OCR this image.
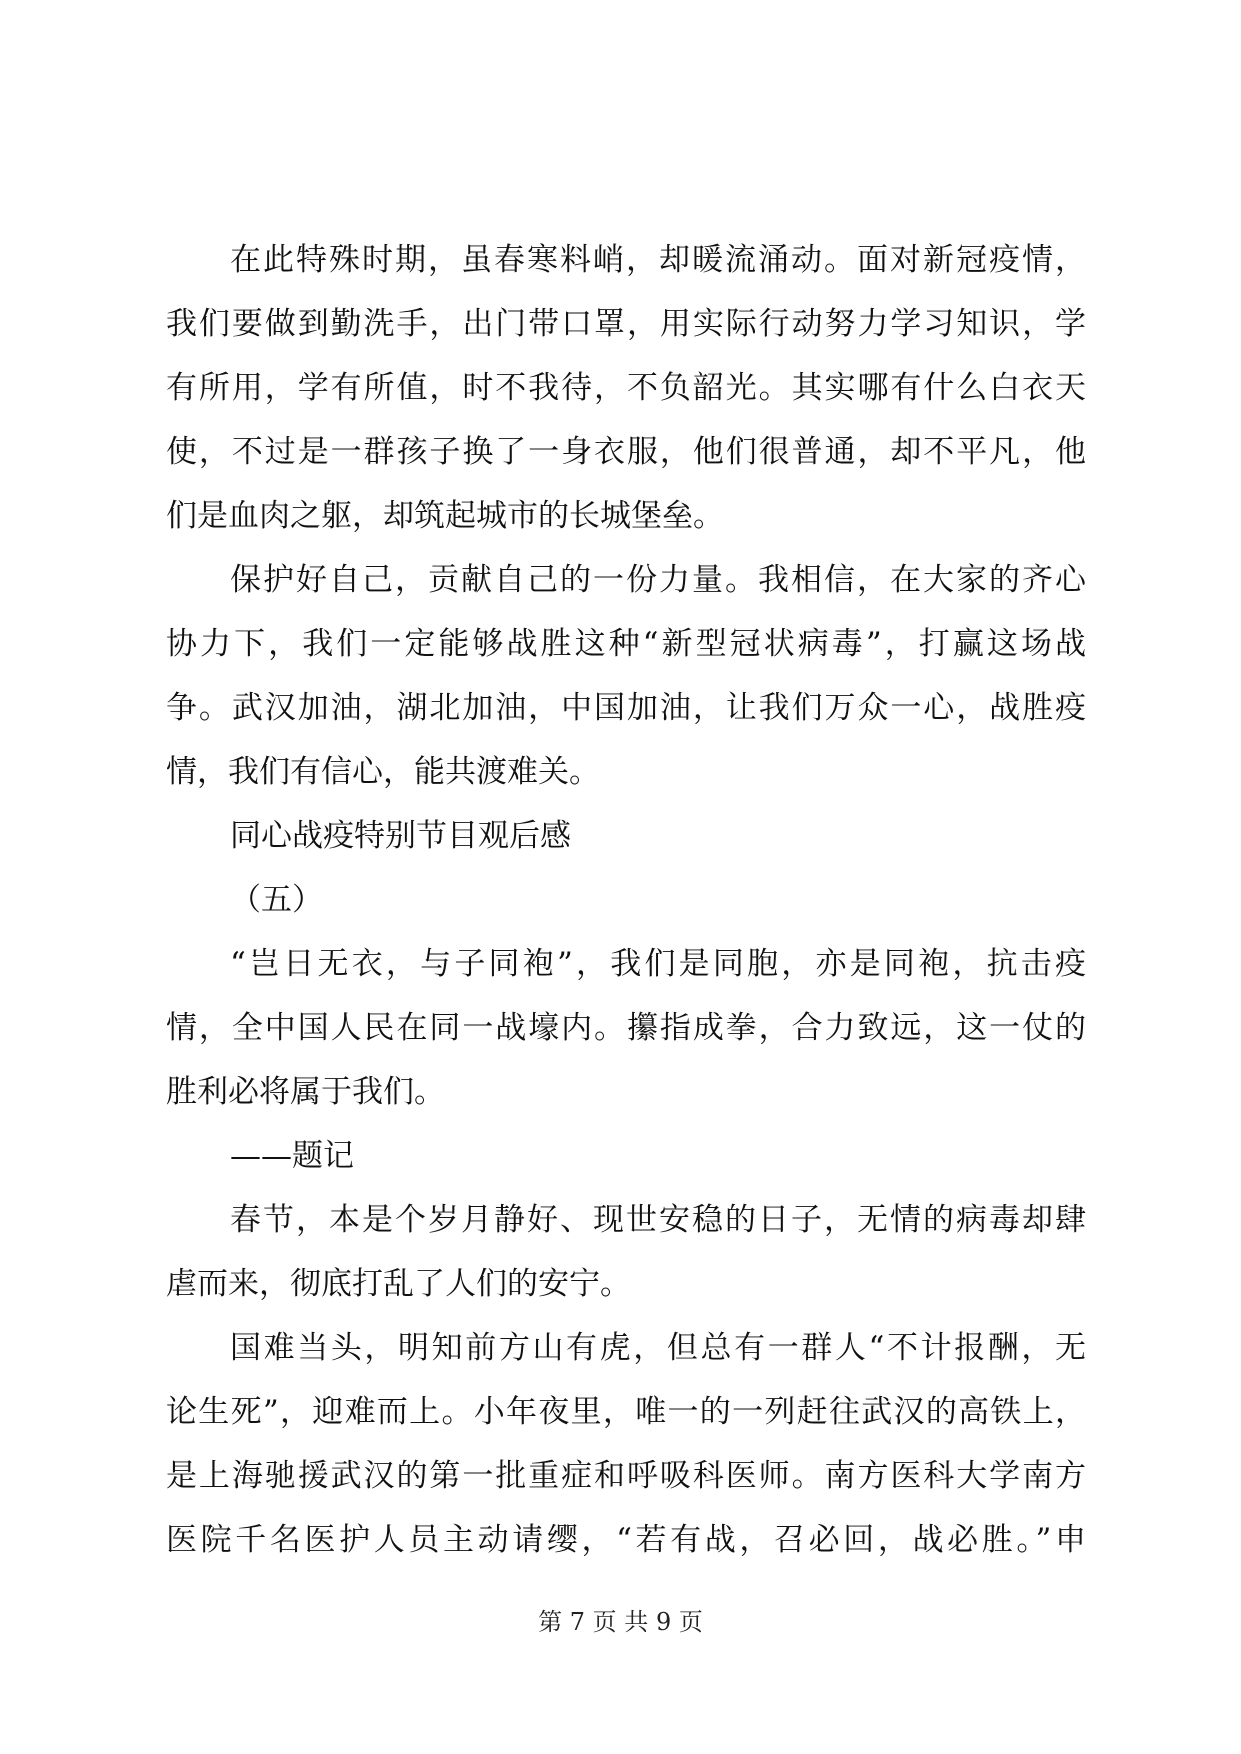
在此特殊时期，虽春寒料峭，却暖流涌动。面对新冠疫情，
我们要做到勤洗手，出门带口罩，用实际行动努力学习知识，学
有所用，学有所值，时不我待，不负韶光。其实哪有什么白衣天
使，不过是一群孩子换了一身衣服，他们很普通，却不平凡，他
们是血肉之躯，却筑起城市的长城堡垒。
保护好自己，贡献自己的一份力量。我相信，在大家的齐心
协力下，我们一定能够战胜这种“新型冠状病毒”，打赢这场战
争。武汉加油，湖北加油，中国加油，让我们万众一心，战胜疫
情，我们有信心，能共渡难关。
同心战疫特别节目观后感
（五）
“岂日无衣，与子同袍”，我们是同胞，亦是同袍，抗击疫
情，全中国人民在同一战壕内。攥指成拳，合力致远，这一仗的
胜利必将属于我们。
——题记
春节，本是个岁月静好、现世安稳的日子，无情的病毒却肆
虐而来，彻底打乱了人们的安宁。
国难当头，明知前方山有虎，但总有一群人“不计报酬，无
论生死”，迎难而上。小年夜里，唯一的一列赶往武汉的高铁上，
是上海驰援武汉的第一批重症和呼吸科医师。南方医科大学南方
医院千名医护人员主动请缨，“若有战，召必回，战必胜。”申
第 7 页 共 9 页
